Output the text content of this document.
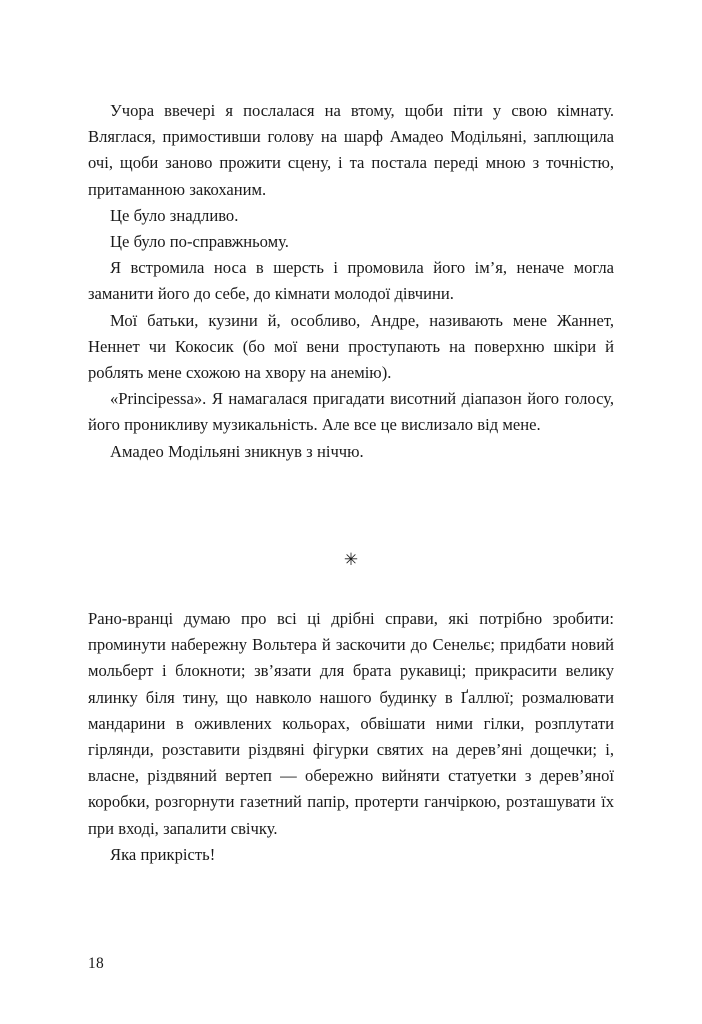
Учора ввечері я послалася на втому, щоби піти у свою кімнату. Вляглася, примостивши голову на шарф Амадео Модільяні, заплющила очі, щоби заново прожити сцену, і та постала переді мною з точністю, притаманною закоханим.

Це було знадливо.

Це було по-справжньому.

Я встромила носа в шерсть і промовила його ім’я, неначе могла заманити його до себе, до кімнати молодої дівчини.

Мої батьки, кузини й, особливо, Андре, називають мене Жаннет, Неннет чи Кокосик (бо мої вени проступають на поверхню шкіри й роблять мене схожою на хвору на анемію).

«Principessa». Я намагалася пригадати висотний діапазон його голосу, його проникливу музикальність. Але все це вислизало від мене.

Амадео Модільяні зникнув з ніччю.

✳

Рано-вранці думаю про всі ці дрібні справи, які потрібно зробити: проминути набережну Вольтера й заскочити до Сенельє; придбати новий мольберт і блокноти; зв’язати для брата рукавиці; прикрасити велику ялинку біля тину, що навколо нашого будинку в Ґаллюї; розмалювати мандарини в оживлених кольорах, обвішати ними гілки, розплутати гірлянди, розставити різдвяні фігурки святих на дерев’яні дощечки; і, власне, різдвяний вертеп — обережно вийняти статуетки з дерев’яної коробки, розгорнути газетний папір, протерти ганчіркою, розташувати їх при вході, запалити свічку.

Яка прикрість!

18
